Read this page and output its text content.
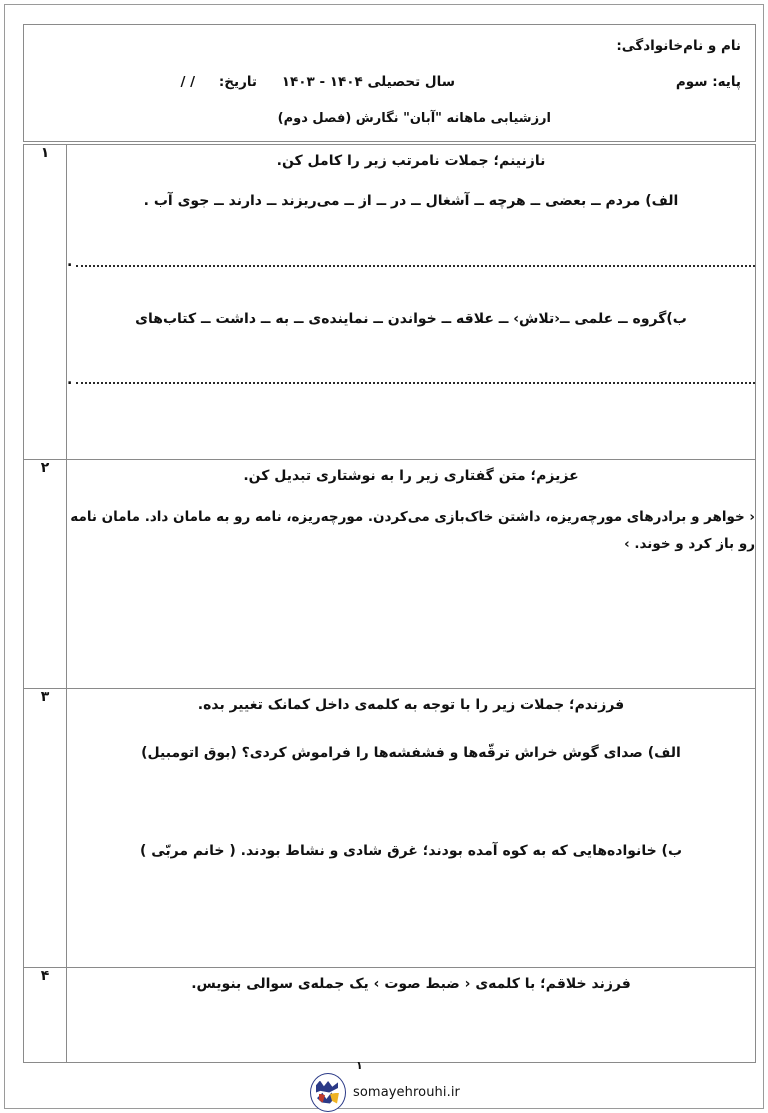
نام و نام‌خانوادگی:
پایه: سوم
سال تحصیلی ۱۴۰۴ - ۱۴۰۳
تاریخ:
/ /
ارزشیابی ماهانه "آبان" نگارش (فصل دوم)

نازنینم؛ جملات نامرتب زیر را کامل کن.

الف) مردم ــ بعضی ــ هرچه ــ آشغال ــ در ــ از ــ می‌ریزند ــ دارند ــ جوی آب .

.

ب)گروه ــ علمی ــ‹تلاش› ــ علاقه ــ خواندن ــ نماینده‌ی ــ به ــ داشت ــ کتاب‌های

.	۱

عزیزم؛ متن گفتاری زیر را به نوشتاری تبدیل کن.

‹ خواهر و برادرهای مورچه‌ریزه، داشتن خاک‌بازی می‌کردن. مورچه‌ریزه، نامه رو به مامان داد. مامان نامه

رو باز کرد و خوند. ›	۲

فرزندم؛ جملات زیر را با توجه به کلمه‌ی داخل کمانک تغییر بده.

الف) صدای گوش خراش ترقّه‌ها و فشفشه‌ها را فراموش کردی؟ (بوق اتومبیل)

ب) خانواده‌هایی که به کوه آمده بودند؛ غرق شادی و نشاط بودند. ( خانم مربّی )	۳

فرزند خلاقم؛ با کلمه‌ی ‹ ضبط صوت › یک جمله‌ی سوالی بنویس.	۴
۱
somayehrouhi.ir
